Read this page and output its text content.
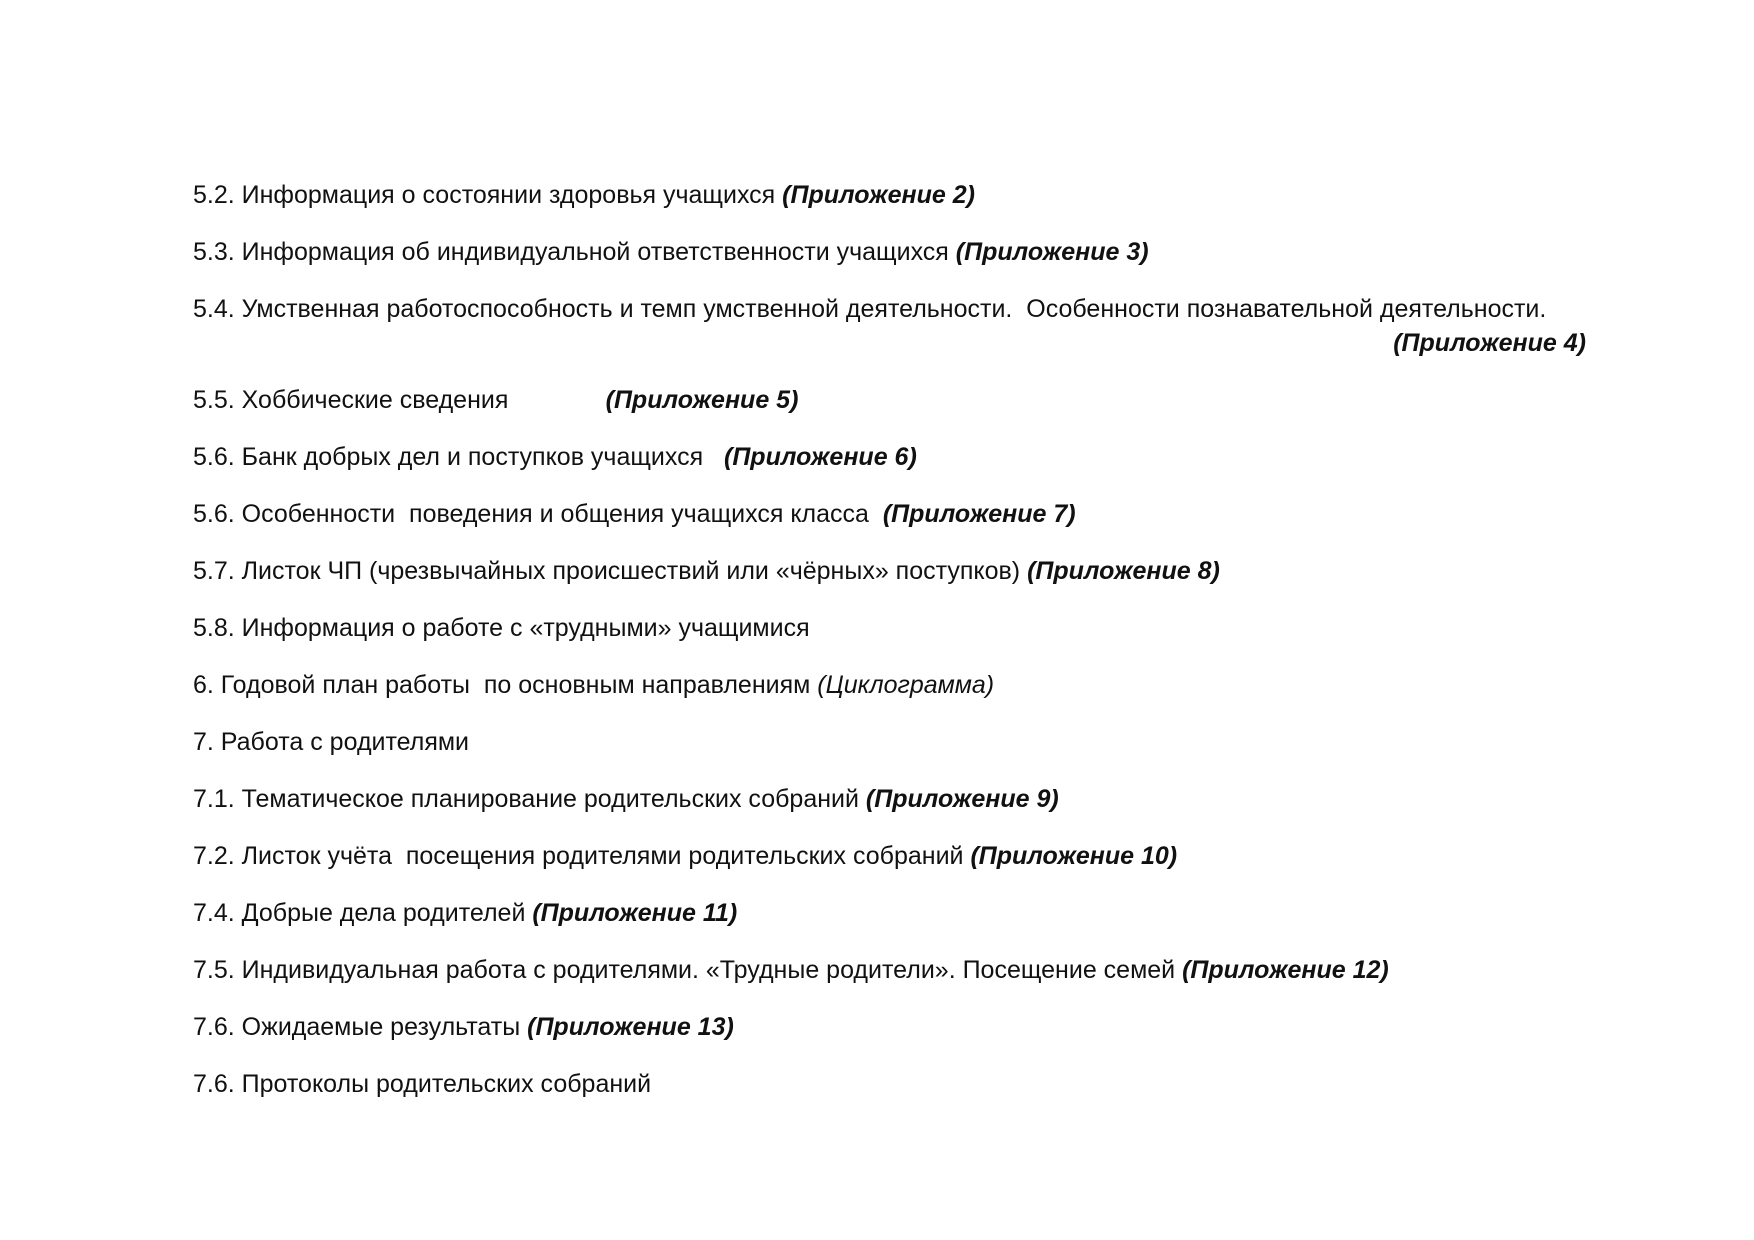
5.2. Информация о состоянии здоровья учащихся (Приложение 2)
5.3. Информация об индивидуальной ответственности учащихся (Приложение 3)
5.4. Умственная работоспособность и темп умственной деятельности.  Особенности познавательной деятельности.
(Приложение 4)
5.5. Хоббические сведения              (Приложение 5)
5.6. Банк добрых дел и поступков учащихся   (Приложение 6)
5.6. Особенности  поведения и общения учащихся класса  (Приложение 7)
5.7. Листок ЧП (чрезвычайных происшествий или «чёрных» поступков) (Приложение 8)
5.8. Информация о работе с «трудными» учащимися
6. Годовой план работы  по основным направлениям (Циклограмма)
7. Работа с родителями
7.1. Тематическое планирование родительских собраний (Приложение 9)
7.2. Листок учёта  посещения родителями родительских собраний (Приложение 10)
7.4. Добрые дела родителей (Приложение 11)
7.5. Индивидуальная работа с родителями. «Трудные родители». Посещение семей (Приложение 12)
7.6. Ожидаемые результаты (Приложение 13)
7.6. Протоколы родительских собраний
